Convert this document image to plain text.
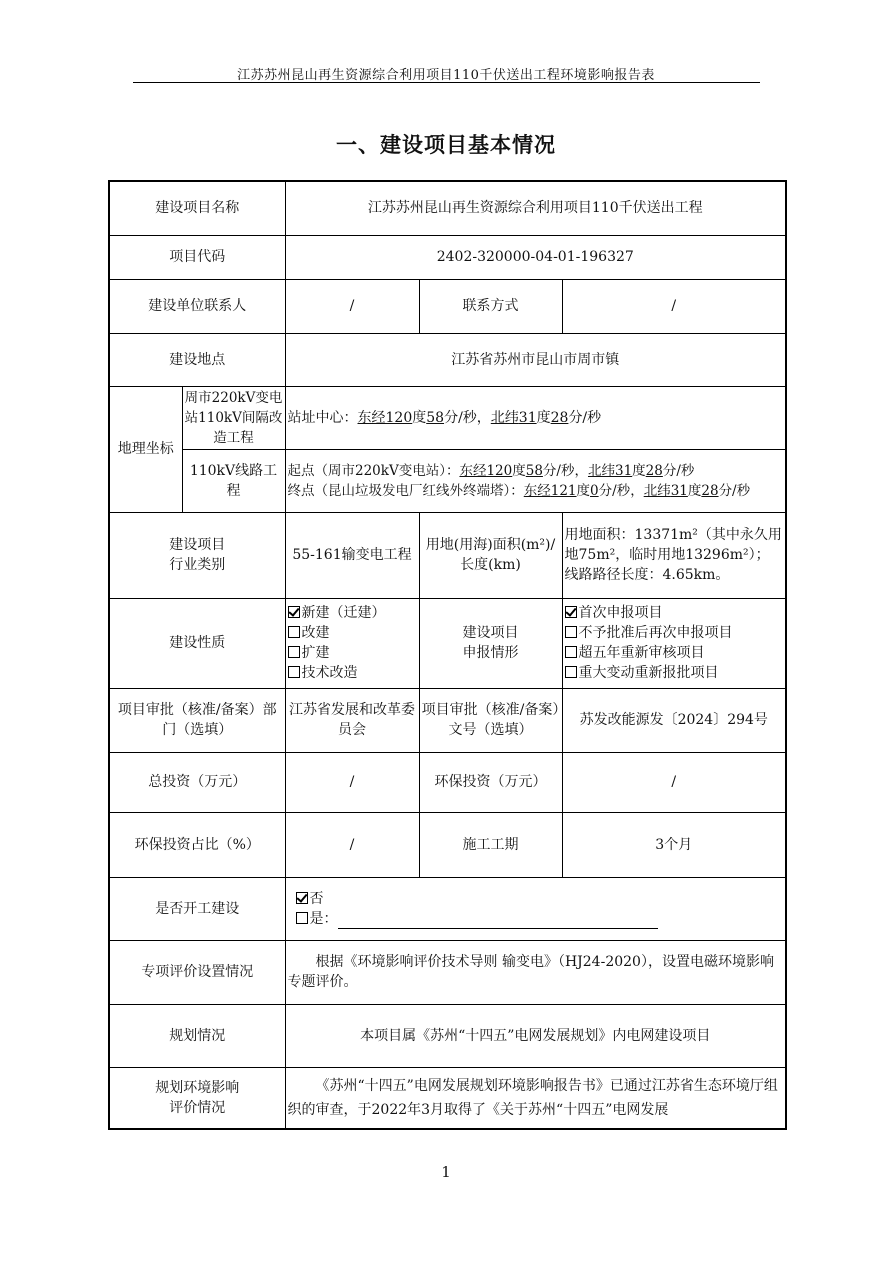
江苏苏州昆山再生资源综合利用项目110千伏送出工程环境影响报告表
一、建设项目基本情况
建设项目名称		江苏苏州昆山再生资源综合利用项目110千伏送出工程		
项目代码		2402-320000-04-01-196327		
建设单位联系人		/	联系方式	/
建设地点		江苏省苏州市昆山市周市镇		
地理坐标	周市220kV变电站110kV间隔改造工程	站址中心：东经120度58分/秒，北纬31度28分/秒		
	110kV线路工程	起点（周市220kV变电站）：东经120度58分/秒，北纬31度28分/秒
终点（昆山垃圾发电厂红线外终端塔）：东经121度0分/秒，北纬31度28分/秒		
建设项目
行业类别		55-161输变电工程	用地(用海)面积(m²)/长度(km)	用地面积：13371m²（其中永久用地75m²，临时用地13296m²）；线路路径长度：4.65km。
建设性质		新建（迁建）
改建
扩建
技术改造	建设项目
申报情形	首次申报项目
不予批准后再次申报项目
超五年重新审核项目
重大变动重新报批项目

项目审批（核准/备案）部门（选填）		江苏省发展和改革委员会	项目审批（核准/备案）文号（选填）	苏发改能源发〔2024〕294号
总投资（万元）		/	环保投资（万元）	/
环保投资占比（%）		/	施工工期	3个月
是否开工建设		否
是：		

专项评价设置情况		根据《环境影响评价技术导则 输变电》（HJ24-2020），设置电磁环境影响专题评价。		
规划情况		本项目属《苏州“十四五”电网发展规划》内电网建设项目		
规划环境影响
评价情况		《苏州“十四五”电网发展规划环境影响报告书》已通过江苏省生态环境厅组织的审查，于2022年3月取得了《关于苏州“十四五”电网发展		
1
